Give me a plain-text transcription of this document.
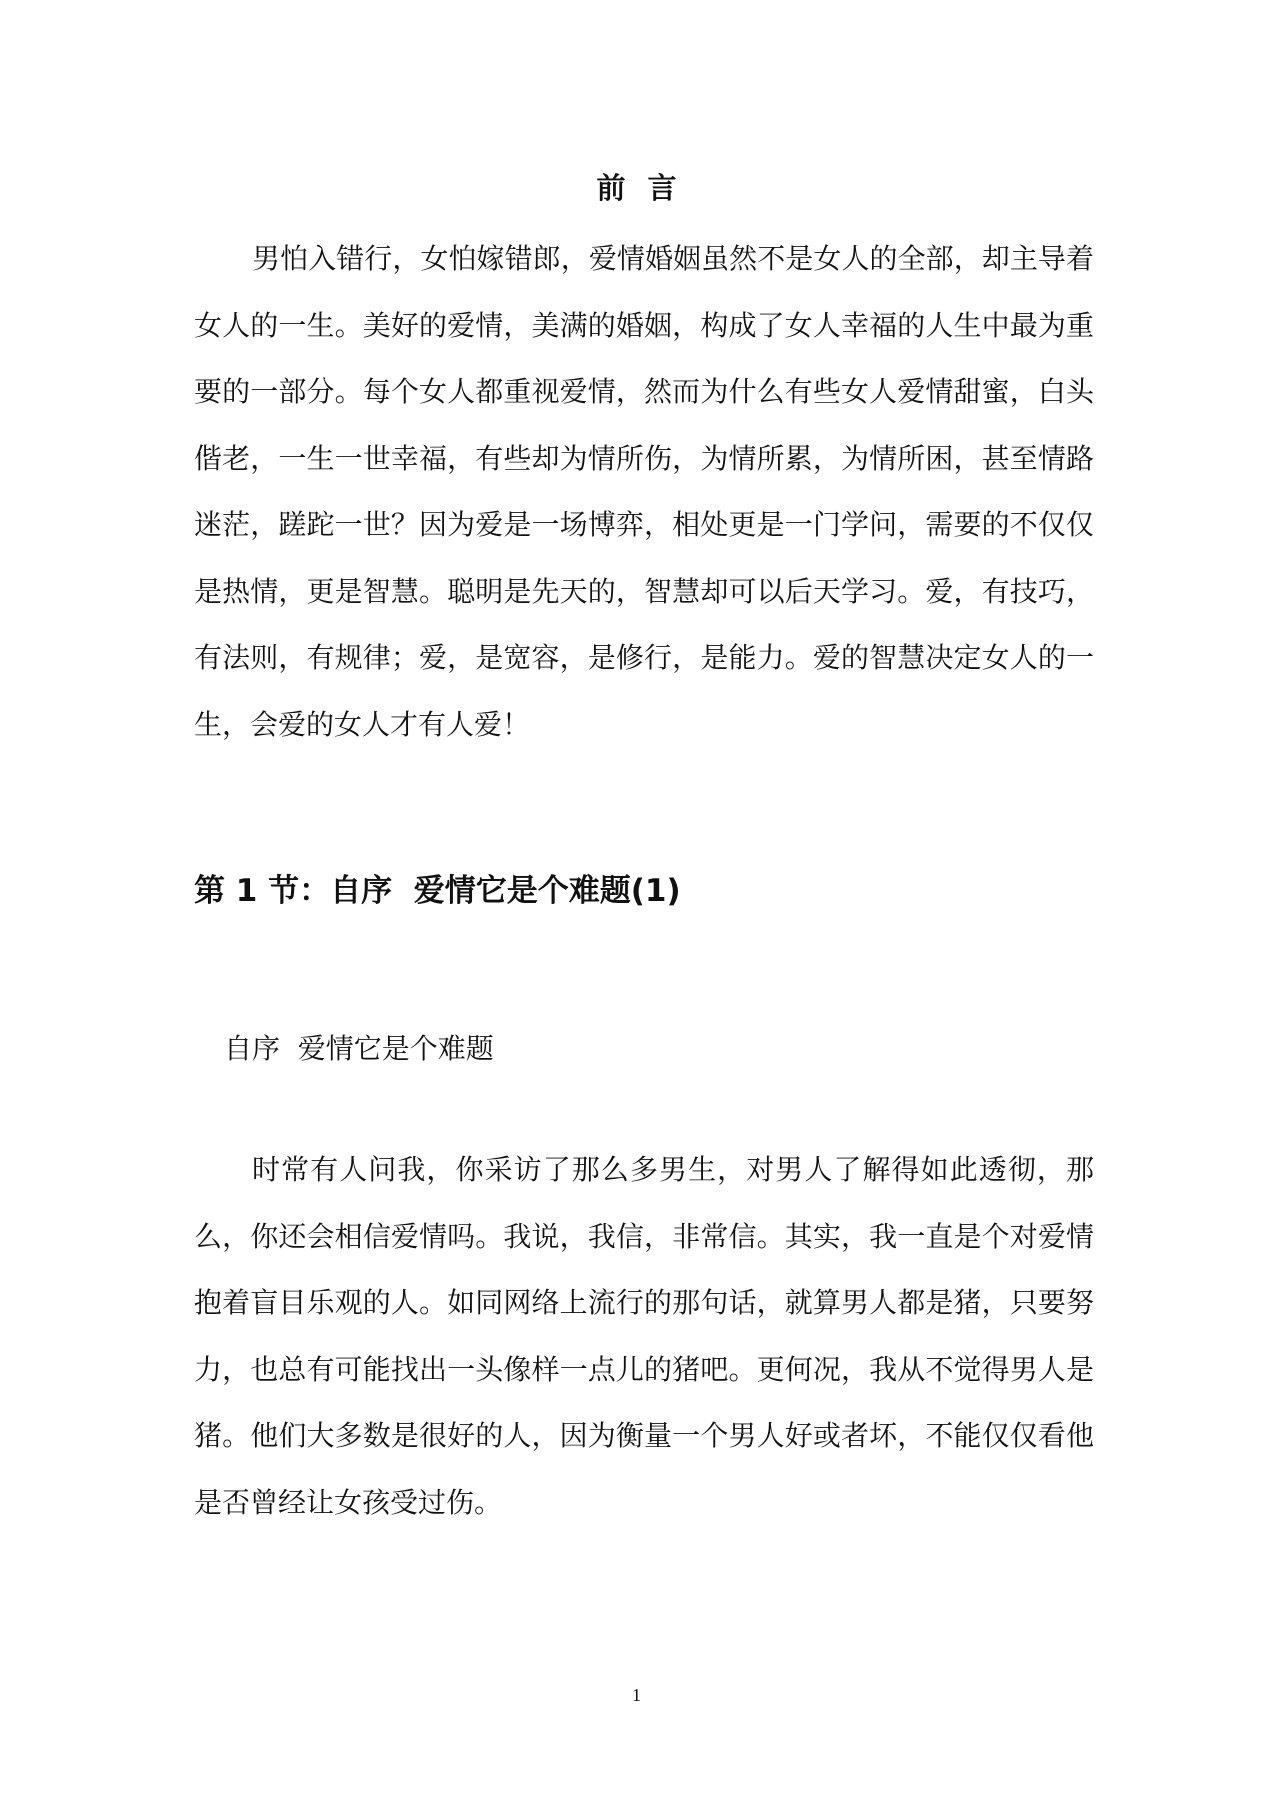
前言
男怕入错行，女怕嫁错郎，爱情婚姻虽然不是女人的全部，却主导着女人的一生。美好的爱情，美满的婚姻，构成了女人幸福的人生中最为重要的一部分。每个女人都重视爱情，然而为什么有些女人爱情甜蜜，白头偕老，一生一世幸福，有些却为情所伤，为情所累，为情所困，甚至情路迷茫，蹉跎一世？因为爱是一场博弈，相处更是一门学问，需要的不仅仅是热情，更是智慧。聪明是先天的，智慧却可以后天学习。爱，有技巧，有法则，有规律；爱，是宽容，是修行，是能力。爱的智慧决定女人的一生，会爱的女人才有人爱！
第 1 节：自序  爱情它是个难题(1)
自序  爱情它是个难题
时常有人问我，你采访了那么多男生，对男人了解得如此透彻，那么，你还会相信爱情吗。我说，我信，非常信。其实，我一直是个对爱情抱着盲目乐观的人。如同网络上流行的那句话，就算男人都是猪，只要努力，也总有可能找出一头像样一点儿的猪吧。更何况，我从不觉得男人是猪。他们大多数是很好的人，因为衡量一个男人好或者坏，不能仅仅看他是否曾经让女孩受过伤。
1
